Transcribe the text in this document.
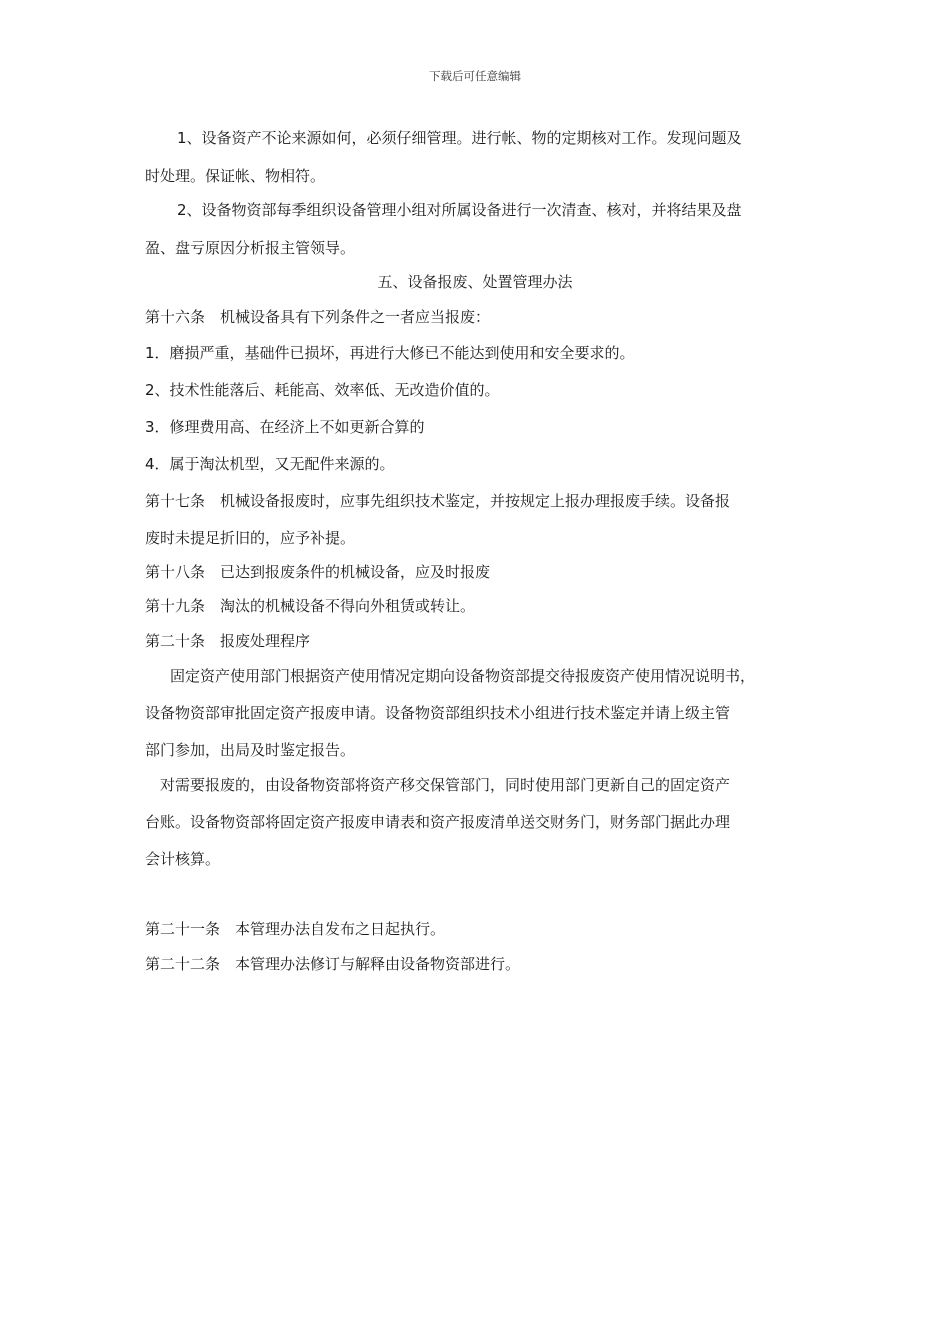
下载后可任意编辑
1、设备资产不论来源如何，必须仔细管理。进行帐、物的定期核对工作。发现问题及
时处理。保证帐、物相符。
2、设备物资部每季组织设备管理小组对所属设备进行一次清查、核对，并将结果及盘
盈、盘亏原因分析报主管领导。
五、设备报废、处置管理办法
第十六条　机械设备具有下列条件之一者应当报废：
1．磨损严重，基础件已损坏，再进行大修已不能达到使用和安全要求的。
2、技术性能落后、耗能高、效率低、无改造价值的。
3．修理费用高、在经济上不如更新合算的
4．属于淘汰机型，又无配件来源的。
第十七条　机械设备报废时，应事先组织技术鉴定，并按规定上报办理报废手续。设备报
废时未提足折旧的，应予补提。
第十八条　已达到报废条件的机械设备，应及时报废
第十九条　淘汰的机械设备不得向外租赁或转让。
第二十条　报废处理程序
固定资产使用部门根据资产使用情况定期向设备物资部提交待报废资产使用情况说明书，
设备物资部审批固定资产报废申请。设备物资部组织技术小组进行技术鉴定并请上级主管
部门参加，出局及时鉴定报告。
对需要报废的，由设备物资部将资产移交保管部门，同时使用部门更新自己的固定资产
台账。设备物资部将固定资产报废申请表和资产报废清单送交财务门，财务部门据此办理
会计核算。
第二十一条　本管理办法自发布之日起执行。
第二十二条　本管理办法修订与解释由设备物资部进行。
